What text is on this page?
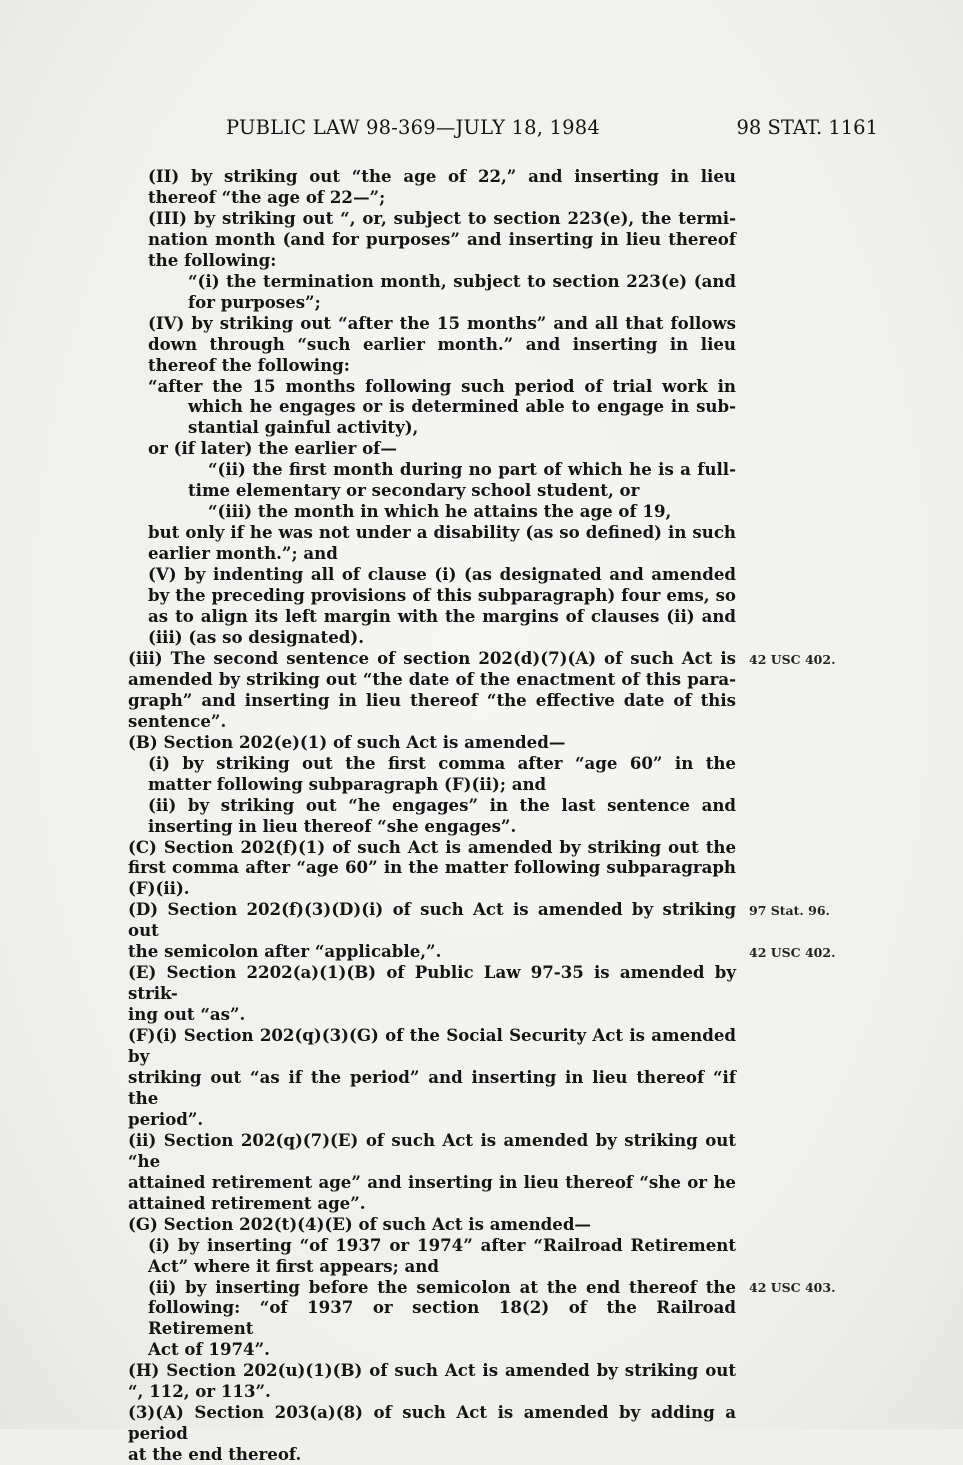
PUBLIC LAW 98-369—JULY 18, 1984	98 STAT. 1161
(II) by striking out “the age of 22,” and inserting in lieu
thereof “the age of 22—”;
(III) by striking out “, or, subject to section 223(e), the termi-
nation month (and for purposes” and inserting in lieu thereof
the following:
“(i) the termination month, subject to section 223(e) (and
for purposes”;
(IV) by striking out “after the 15 months” and all that follows
down through “such earlier month.” and inserting in lieu
thereof the following:
“after the 15 months following such period of trial work in
which he engages or is determined able to engage in sub-
stantial gainful activity),
or (if later) the earlier of—
“(ii) the first month during no part of which he is a full-
time elementary or secondary school student, or
“(iii) the month in which he attains the age of 19,
but only if he was not under a disability (as so defined) in such
earlier month.”; and
(V) by indenting all of clause (i) (as designated and amended
by the preceding provisions of this subparagraph) four ems, so
as to align its left margin with the margins of clauses (ii) and
(iii) (as so designated).
(iii) The second sentence of section 202(d)(7)(A) of such Act is
amended by striking out “the date of the enactment of this para-
graph” and inserting in lieu thereof “the effective date of this
sentence”.
(B) Section 202(e)(1) of such Act is amended—
(i) by striking out the first comma after “age 60” in the
matter following subparagraph (F)(ii); and
(ii) by striking out “he engages” in the last sentence and
inserting in lieu thereof “she engages”.
(C) Section 202(f)(1) of such Act is amended by striking out the
first comma after “age 60” in the matter following subparagraph
(F)(ii).
(D) Section 202(f)(3)(D)(i) of such Act is amended by striking out
the semicolon after “applicable,”.
(E) Section 2202(a)(1)(B) of Public Law 97-35 is amended by strik-
ing out “as”.
(F)(i) Section 202(q)(3)(G) of the Social Security Act is amended by
striking out “as if the period” and inserting in lieu thereof “if the
period”.
(ii) Section 202(q)(7)(E) of such Act is amended by striking out “he
attained retirement age” and inserting in lieu thereof “she or he
attained retirement age”.
(G) Section 202(t)(4)(E) of such Act is amended—
(i) by inserting “of 1937 or 1974” after “Railroad Retirement
Act” where it first appears; and
(ii) by inserting before the semicolon at the end thereof the
following: “of 1937 or section 18(2) of the Railroad Retirement
Act of 1974”.
(H) Section 202(u)(1)(B) of such Act is amended by striking out
“, 112, or 113”.
(3)(A) Section 203(a)(8) of such Act is amended by adding a period
at the end thereof.
42 USC 402.
97 Stat. 96.
42 USC 402.
42 USC 403.
